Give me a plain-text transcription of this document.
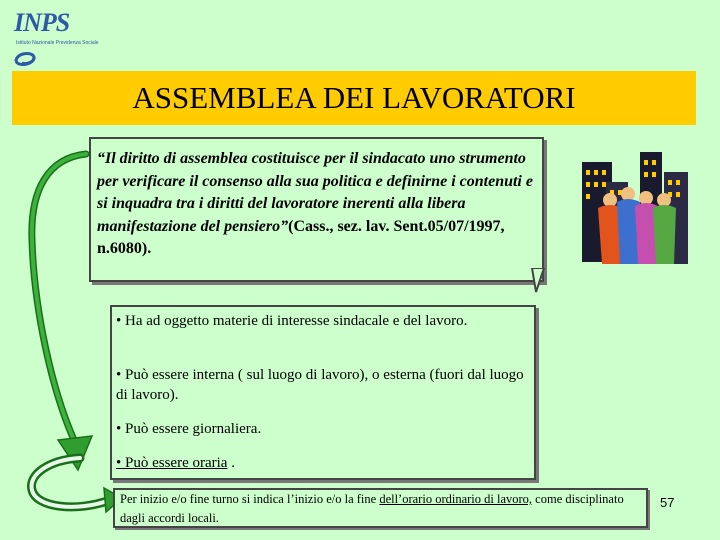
INPS
Istituto Nazionale Previdenza Sociale
ASSEMBLEA DEI LAVORATORI
“Il diritto di assemblea costituisce per il sindacato uno strumento per verificare il consenso alla sua politica e definirne i contenuti e si inquadra tra i diritti del lavoratore inerenti alla libera manifestazione del pensiero”(Cass., sez. lav. Sent.05/07/1997, n.6080).
• Ha ad oggetto materie di interesse sindacale e del lavoro.
• Può essere interna ( sul luogo di lavoro), o esterna (fuori dal luogo di lavoro).
• Può essere giornaliera.
• Può essere oraria .
Per inizio e/o fine turno si indica l’inizio e/o la fine dell’orario ordinario di lavoro, come disciplinato dagli accordi locali.
57
